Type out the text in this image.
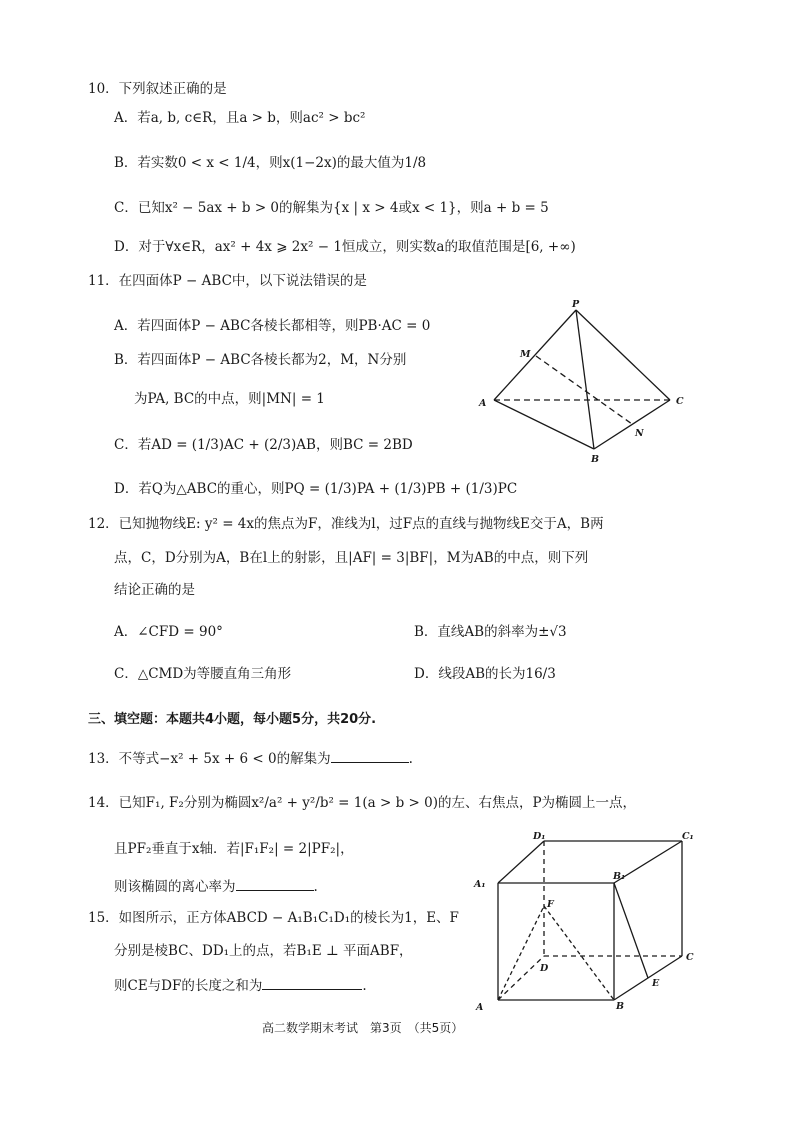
10．下列叙述正确的是
A．若a, b, c∈R，且a > b，则ac² > bc²
B．若实数0 < x < 1/4，则x(1−2x)的最大值为1/8
C．已知x² − 5ax + b > 0的解集为{x | x > 4或x < 1}，则a + b = 5
D．对于∀x∈R，ax² + 4x ⩾ 2x² − 1恒成立，则实数a的取值范围是[6, +∞)
11．在四面体P − ABC中，以下说法错误的是
A．若四面体P − ABC各棱长都相等，则PB·AC = 0
B．若四面体P − ABC各棱长都为2，M，N分别
为PA, BC的中点，则|MN| = 1
C．若AD = (1/3)AC + (2/3)AB，则BC = 2BD
D．若Q为△ABC的重心，则PQ = (1/3)PA + (1/3)PB + (1/3)PC
P
M
A	C
N
B
12．已知抛物线E: y² = 4x的焦点为F，准线为l，过F点的直线与抛物线E交于A，B两
点，C，D分别为A，B在l上的射影，且|AF| = 3|BF|，M为AB的中点，则下列
结论正确的是
A．∠CFD = 90°	B．直线AB的斜率为±√3
C．△CMD为等腰直角三角形	D．线段AB的长为16/3
三、填空题：本题共4小题，每小题5分，共20分.
13．不等式−x² + 5x + 6 < 0的解集为	.
14．已知F₁, F₂分别为椭圆x²/a² + y²/b² = 1(a > b > 0)的左、右焦点，P为椭圆上一点，
且PF₂垂直于x轴．若|F₁F₂| = 2|PF₂|，
则该椭圆的离心率为	.
15．如图所示，正方体ABCD − A₁B₁C₁D₁的棱长为1，E、F
分别是棱BC、DD₁上的点，若B₁E ⊥ 平面ABF，
则CE与DF的长度之和为	.
D₁	C₁
A₁
B₁
F
D
C
E
A	B
高二数学期末考试　第3页　（共5页）
